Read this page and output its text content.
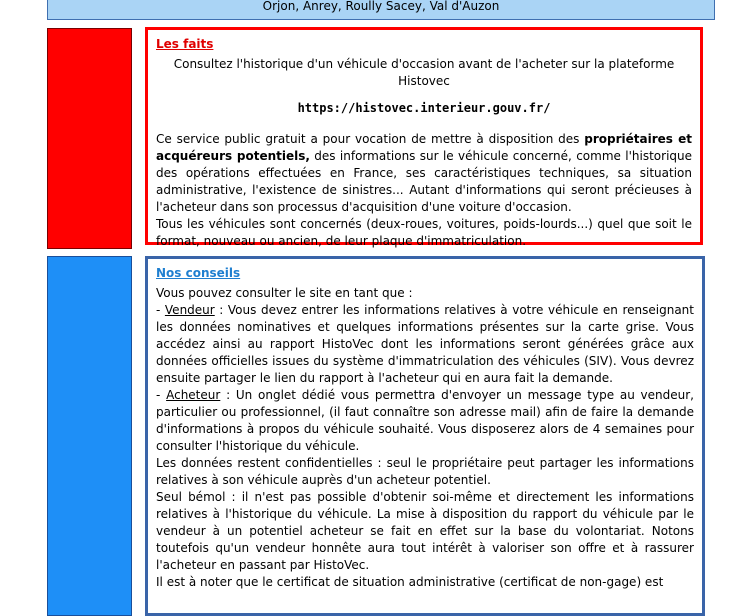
Orjon, Anrey, Roully Sacey, Val d'Auzon
Les faits

Consultez l'historique d'un véhicule d'occasion avant de l'acheter sur la plateforme Histovec

https://histovec.interieur.gouv.fr/

Ce service public gratuit a pour vocation de mettre à disposition des propriétaires et acquéreurs potentiels, des informations sur le véhicule concerné, comme l'historique des opérations effectuées en France, ses caractéristiques techniques, sa situation administrative, l'existence de sinistres... Autant d'informations qui seront précieuses à l'acheteur dans son processus d'acquisition d'une voiture d'occasion.

Tous les véhicules sont concernés (deux-roues, voitures, poids-lourds...) quel que soit le format, nouveau ou ancien, de leur plaque d'immatriculation.

Nos conseils

Vous pouvez consulter le site en tant que :

- Vendeur : Vous devez entrer les informations relatives à votre véhicule en renseignant les données nominatives et quelques informations présentes sur la carte grise. Vous accédez ainsi au rapport HistoVec dont les informations seront générées grâce aux données officielles issues du système d'immatriculation des véhicules (SIV). Vous devrez ensuite partager le lien du rapport à l'acheteur qui en aura fait la demande.

- Acheteur : Un onglet dédié vous permettra d'envoyer un message type au vendeur, particulier ou professionnel, (il faut connaître son adresse mail) afin de faire la demande d'informations à propos du véhicule souhaité. Vous disposerez alors de 4 semaines pour consulter l'historique du véhicule.

Les données restent confidentielles : seul le propriétaire peut partager les informations relatives à son véhicule auprès d'un acheteur potentiel.

Seul bémol : il n'est pas possible d'obtenir soi-même et directement les informations relatives à l'historique du véhicule. La mise à disposition du rapport du véhicule par le vendeur à un potentiel acheteur se fait en effet sur la base du volontariat. Notons toutefois qu'un vendeur honnête aura tout intérêt à valoriser son offre et à rassurer l'acheteur en passant par HistoVec.

Il est à noter que le certificat de situation administrative (certificat de non-gage) est
